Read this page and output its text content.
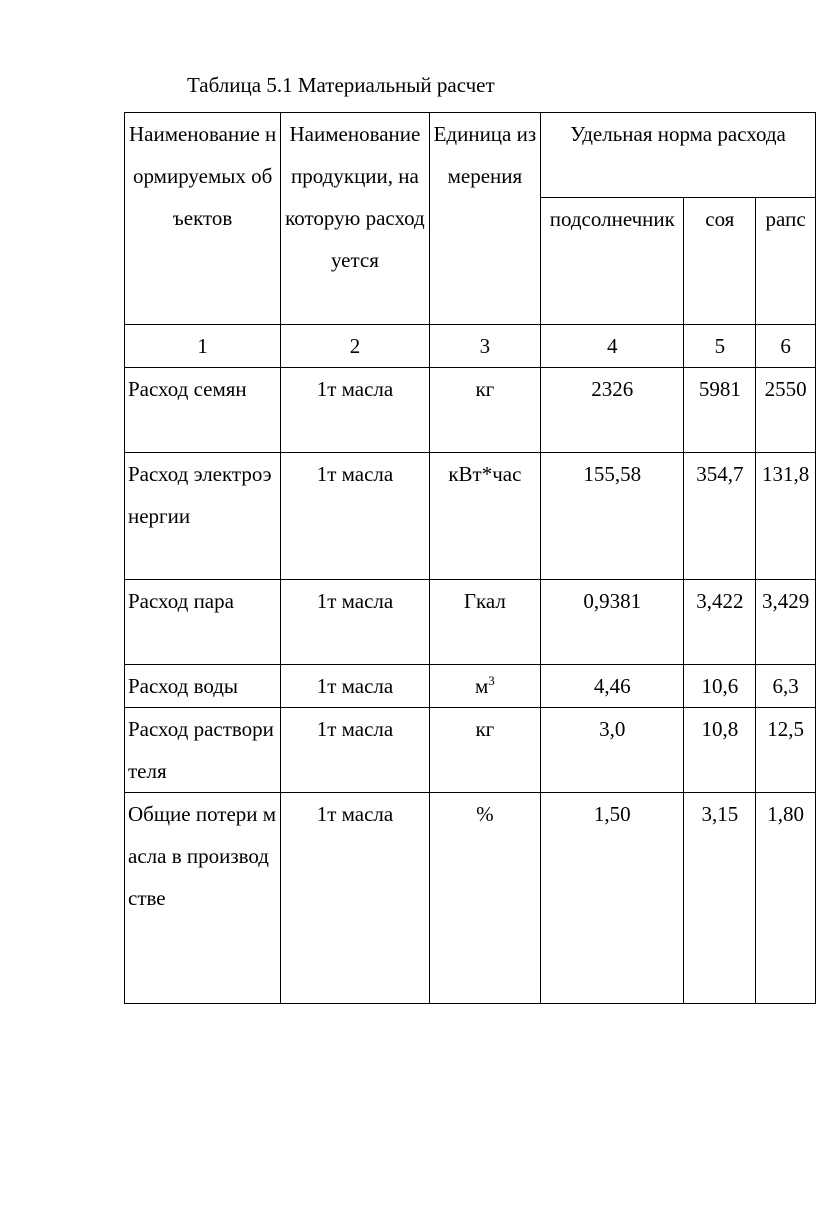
Таблица 5.1 Материальный расчет
Наименование нормируемых объектов	Наименование продукции, на которую расходуется	Единица измерения	Удельная норма расхода		
			подсолнечник	соя	рапс
1	2	3	4	5	6
Расход семян	1т масла	кг	2326	5981	2550
Расход электроэнергии	1т масла	кВт*час	155,58	354,7	131,8
Расход пара	1т масла	Гкал	0,9381	3,422	3,429
Расход воды	1т масла	$м^3$	4,46	10,6	6,3
Расход растворителя	1т масла	кг	3,0	10,8	12,5
Общие потери масла в производстве	1т масла	%	1,50	3,15	1,80
